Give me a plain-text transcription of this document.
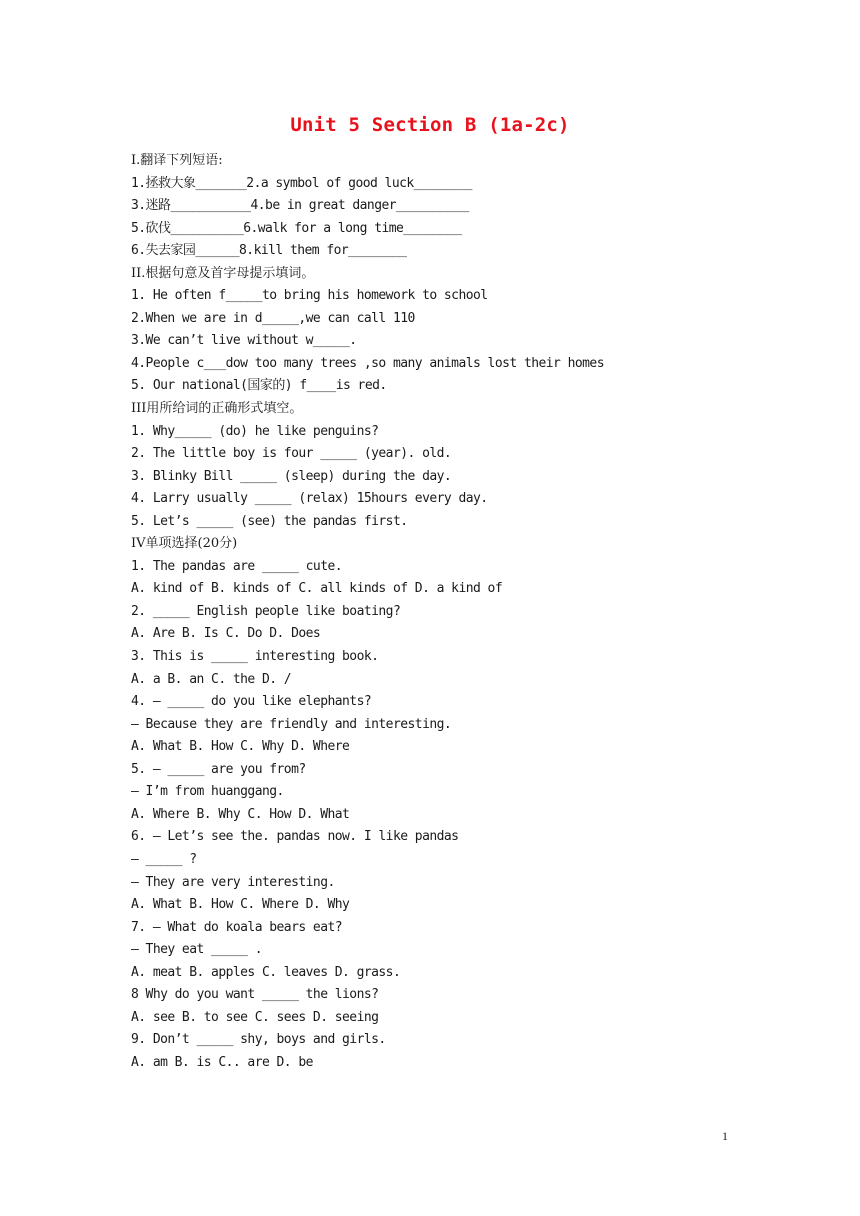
Unit 5 Section B (1a-2c)
I.翻译下列短语:
1.拯救大象_______2.a symbol of good luck________
3.迷路___________4.be in great danger__________
5.砍伐__________6.walk for a long time________
6.失去家园______8.kill them for________
II.根据句意及首字母提示填词。
1. He often f_____to bring his homework to school
2.When we are in d_____,we can call 110
3.We can’t live without w_____.
4.People c___dow too many trees ,so many animals lost their homes
5. Our national(国家的) f____is red.
III用所给词的正确形式填空。
1. Why_____ (do) he like penguins?
2. The little boy is four _____ (year). old.
3. Blinky Bill _____ (sleep) during the day.
4. Larry usually _____ (relax) 15hours every day.
5. Let’s _____ (see) the pandas first.
IV单项选择(20分)
1. The pandas are _____ cute.
A. kind of B. kinds of C. all kinds of D. a kind of
2. _____ English people like boating?
A. Are B. Is C. Do D. Does
3. This is _____ interesting book.
A. a B. an C. the D. /
4. — _____ do you like elephants?
— Because they are friendly and interesting.
A. What B. How C. Why D. Where
5. — _____ are you from?
— I’m from huanggang.
A. Where B. Why C. How D. What
6. — Let’s see the. pandas now. I like pandas
— _____ ?
— They are very interesting.
A. What B. How C. Where D. Why
7. — What do koala bears eat?
— They eat _____ .
A. meat B. apples C. leaves D. grass.
8 Why do you want _____ the lions?
A. see B. to see C. sees D. seeing
9. Don’t _____ shy, boys and girls.
A. am B. is C.. are D. be
1
